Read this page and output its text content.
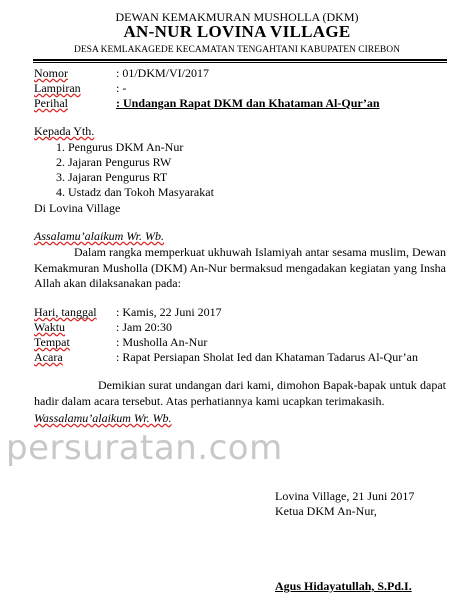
DEWAN KEMAKMURAN MUSHOLLA (DKM)
AN-NUR LOVINA VILLAGE
DESA KEMLAKAGEDE KECAMATAN TENGAHTANI KABUPATEN CIREBON
Nomor	: 01/DKM/VI/2017
Lampiran	: -
Perihal	: Undangan Rapat DKM dan Khataman Al-Qur’an
Kepada Yth.
1. Pengurus DKM An-Nur
2. Jajaran Pengurus RW
3. Jajaran Pengurus RT
4. Ustadz dan Tokoh Masyarakat
Di Lovina Village
Assalamu’alaikum Wr. Wb.
Dalam rangka memperkuat ukhuwah Islamiyah antar sesama muslim, Dewan Kemakmuran Musholla (DKM) An-Nur bermaksud mengadakan kegiatan yang Insha Allah akan dilaksanakan pada:
Hari, tanggal : Kamis, 22 Juni 2017
Waktu	: Jam 20:30
Tempat	: Musholla An-Nur
Acara	: Rapat Persiapan Sholat Ied dan Khataman Tadarus Al-Qur’an
Demikian surat undangan dari kami, dimohon Bapak-bapak untuk dapat hadir dalam acara tersebut. Atas perhatiannya kami ucapkan terimakasih.
Wassalamu’alaikum Wr. Wb.
persuratan.com
Lovina Village, 21 Juni 2017
Ketua DKM An-Nur,
Agus Hidayatullah, S.Pd.I.
